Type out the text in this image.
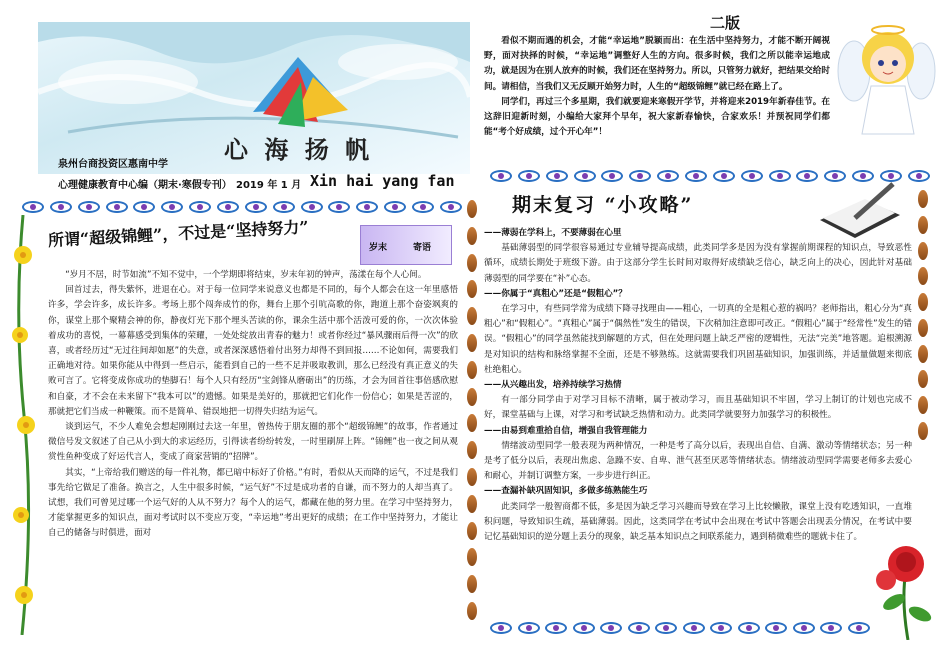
心 海 扬 帆
泉州台商投资区惠南中学
心理健康教育中心编（期末·寒假专刊） 2019 年 1 月 Xin hai yang fan
所谓“超级锦鲤”，不过是“坚持努力”	岁末	寄语

“岁月不居，时节如流”不知不觉中，一个学期即将结束，岁末年初的钟声，荡漾在每个人心间。

回首过去，得失紫怀，进退在心。对于每一位同学来说意义也都是不同的，每个人都会在这一年里感悟许多，学会许多，成长许多。考场上那个闯奔成竹的你，舞台上那个引吭高歌的你，跑道上那个奋姿飒爽的你，谋堂上那个聚精会神的你，静夜灯光下那个埋头苦读的你，课余生活中那个活泼可爱的你，一次次体验着成功的喜悦，一幕幕感受到集体的荣耀，一处处绽放出青春的魅力！或者你经过“暴风骤雨后得一次”的欣喜，或者经历过“无过往间却如愿”的失意，或者深深感悟着付出努力却得不到回报……不论如何，需要我们正确地对待。如果你能从中得到一些启示，能看到自己的一些不足并吸取教训，那么已经没有真正意义的失败可言了。它将变成你成功的垫脚石！每个人只有经历“宝剑锋从磨砺出”的历练，才会为回首往事倍感欣慰和自豪，才不会在未来留下“我本可以”的遗憾。如果是美好的，那就把它们化作一份信心；如果是苦涩的，那就把它们当成一种鞭策。而不是简单、错误地把一切得失归结为运气。

谈到运气，不少人难免会想起刚刚过去这一年里，曾热传于朋友圈的那个“超级锦鲤”的故事，作者通过微信号发文叙述了自己从小到大的求运经历，引得读者纷纷转发，一时里刷屏上阵。“锦鲤”也一夜之间从观赏性鱼种变成了好运代言人，变成了商家营销的“招牌”。

其实，“上帝给我们赠送的每一件礼物，都已暗中标好了价格。”有时，看似从天而降的运气，不过是我们事先给它做足了准备。换言之，人生中很多时候，“运气好”不过是成功者的自谦，而不努力的人却当真了。试想，我们可曾见过哪一个运气好的人从不努力？每个人的运气，都藏在他的努力里。在学习中坚持努力，才能掌握更多的知识点，面对考试时以不变应万变，“幸运地”考出更好的成绩；在工作中坚持努力，才能让自己的储备与时俱进，面对

二版

看似不期而遇的机会，才能“幸运地”脱颖而出：在生活中坚持努力，才能不断开阔视野，面对抉择的时候，“幸运地”调整好人生的方向。很多时候，我们之所以能幸运地成功，就是因为在别人放弃的时候，我们还在坚持努力。所以，只管努力就好，把结果交给时间。请相信，当我们又无反顾开始努力时，人生的“超级锦鲤”就已经在路上了。

同学们，再过三个多星期，我们就要迎来寒假开学节，并将迎来2019年新春佳节。在这辞旧迎新时刻，小编给大家拜个早年，祝大家新春愉快，合家欢乐！并预祝同学们都能“考个好成绩，过个开心年”！

期末复习 “小攻略”

——薄弱在学科上，不要薄弱在心里

基础薄弱型的同学很容易通过专业辅导提高成绩，此类同学多是因为没有掌握前期课程的知识点，导致恶性循环，成绩长期处于班级下游。由于这部分学生长时间对取得好成绩缺乏信心，缺乏向上的决心，因此针对基础薄弱型的同学要在“补”心态。

——你属于“真粗心”还是“假粗心”？

在学习中，有些同学常为成绩下降寻找理由——粗心，一切真的全是粗心惹的祸吗？老师指出，粗心分为“真粗心”和“假粗心”。“真粗心”属于“偶然性”发生的错误，下次稍加注意即可改正。“假粗心”属于“经常性”发生的错误。“假粗心”的同学虽然能找到解题的方式，但在处理问题上缺乏严密的逻辑性，无法“完美”地答题。追根溯源是对知识的结构和脉络掌握不全面，还是不够熟练。这就需要我们巩固基础知识，加强训练，并适量做题来彻底杜绝粗心。

——从兴趣出发，培养持续学习热情

有一部分同学由于对学习目标不清晰，属于被动学习，而且基础知识不牢固，学习上制订的计划也完成不好，课堂基础与上课，对学习和考试缺乏热情和动力。此类同学就要努力加强学习的积极性。

——由易到难重拾自信，增强自我管理能力

情绪波动型同学一般表现为两种情况，一种是考了高分以后，表现出自信、自满、激动等情绪状态；另一种是考了低分以后，表现出焦虑、急躁不安、自卑、泄气甚至厌恶等情绪状态。情绪波动型同学需要老师多去爱心和耐心，并制订调整方案，一步步进行纠正。

——查漏补缺巩固知识，多做多练熟能生巧

此类同学一般智商都不低，多是因为缺乏学习兴趣而导致在学习上比较懒散，课堂上没有吃透知识，一直堆积问题，导致知识生疏，基础薄弱。因此，这类同学在考试中会出现在考试中答题会出现丢分情况，在考试中要记忆基础知识的逆分题上丢分的现象，缺乏基本知识点之间联系能力，遇到稍微难些的题就卡住了。
